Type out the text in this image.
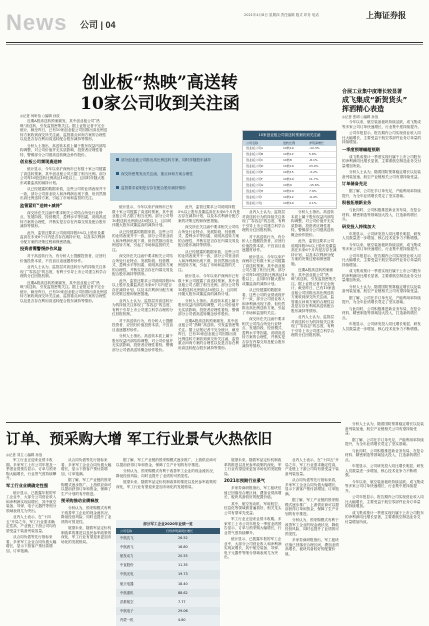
News 公司 | 04
2021年4月8日 星期四 责任编辑 版式 印务 电话	上海证券报
创业板“热映”高送转
10家公司收到关注函
◎记者 何昕怡 ○编辑 孙放

近期A股高送转预案频发，其中创业板公司“热映”高送转，引发监管密集关注。据上证报记者不完全统计，截至昨日，已有10家创业板公司因推出高比例送转方案收到深交所关注函，监管重点问询方案的合理性以及是否存在利用高送转配合股东减持等情形。

分析人士指出，高送转本质上属于股东权益内部结构调整，对公司价值并无实质影响，投资者应理性看待，警惕部分公司借高送转概念炒作股价。

创业板公司频现高送转

统计显示，今年以来沪深两市已有数十家公司披露了高送转预案，其中创业板公司占据了相当比例。部分公司每10股送转比例高达10股以上，且同时伴随大股东或董监高的减持计划。

从已经披露的数据来看，这些公司的业绩表现并不一致，部分公司营业收入和净利润出现下滑，但仍然推出高比例送转方案，引起了市场和监管的关注。

监管紧盯“送转+减持”

深交所在关注函中要求相关公司结合所处行业特点、发展阶段、经营模式、盈利水平等因素，说明高送转方案的合理性，并核实是否存在内幕交易及配合股东减持等情形。

此外，监管还要求公司说明持股5%以上股东及董监高在未来6个月内是否存在减持计划，以及本次利润分配方案的决策过程和保密措施。

投资者需警惕炒作风险

对于高送转行为，有分析人士提醒投资者，应回归价值投资本质，不宜盲目追逐题材炒作。

业内人士认为，监管层对高送转行为的持续关注体现了“零容忍”的态度，有利于引导上市公司建立科学合理的分红回报机制。

近期A股高送转预案频发，其中创业板公司“热映”高送转，引发监管密集关注。据上证报记者不完全统计，截至昨日，已有10家创业板公司因推出高比例送转方案收到深交所关注函，监管重点问询方案的合理性以及是否存在利用高送转配合股东减持等情形。

部分创业板公司推出高比例送转方案，同时伴随股东减持
深交所密集发出关注函，重点问询方案合理性
监管要求说明是否存在配合股东减持情形

统计显示，今年以来沪深两市已有数十家公司披露了高送转预案，其中创业板公司占据了相当比例。部分公司每10股送转比例高达10股以上，且同时伴随大股东或董监高的减持计划。

从已经披露的数据来看，这些公司的业绩表现并不一致，部分公司营业收入和净利润出现下滑，但仍然推出高比例送转方案，引起了市场和监管的关注。

深交所在关注函中要求相关公司结合所处行业特点、发展阶段、经营模式、盈利水平等因素，说明高送转方案的合理性，并核实是否存在内幕交易及配合股东减持等情形。

此外，监管还要求公司说明持股5%以上股东及董监高在未来6个月内是否存在减持计划，以及本次利润分配方案的决策过程和保密措施。

业内人士认为，监管层对高送转行为的持续关注体现了“零容忍”的态度，有利于引导上市公司建立科学合理的分红回报机制。

对于高送转行为，有分析人士提醒投资者，应回归价值投资本质，不宜盲目追逐题材炒作。

分析人士指出，高送转本质上属于股东权益内部结构调整，对公司价值并无实质影响，投资者应理性看待，警惕部分公司借高送转概念炒作股价。

此外，监管还要求公司说明持股5%以上股东及董监高在未来6个月内是否存在减持计划，以及本次利润分配方案的决策过程和保密措施。

深交所在关注函中要求相关公司结合所处行业特点、发展阶段、经营模式、盈利水平等因素，说明高送转方案的合理性，并核实是否存在内幕交易及配合股东减持等情形。

从已经披露的数据来看，这些公司的业绩表现并不一致，部分公司营业收入和净利润出现下滑，但仍然推出高比例送转方案，引起了市场和监管的关注。

统计显示，今年以来沪深两市已有数十家公司披露了高送转预案，其中创业板公司占据了相当比例。部分公司每10股送转比例高达10股以上，且同时伴随大股东或董监高的减持计划。

分析人士指出，高送转本质上属于股东权益内部结构调整，对公司价值并无实质影响，投资者应理性看待，警惕部分公司借高送转概念炒作股价。

近期A股高送转预案频发，其中创业板公司“热映”高送转，引发监管密集关注。据上证报记者不完全统计，截至昨日，已有10家创业板公司因推出高比例送转方案收到深交所关注函，监管重点问询方案的合理性以及是否存在利用高送转配合股东减持等情形。

10家创业板公司高送转预案收到关注函
公司名称	送转比例	净利润增长
创业板公司A	10转10	-12.3%
创业板公司B	10转12	5.6%
创业板公司C	10转8	-8.1%
创业板公司D	10转10	23.4%
创业板公司E	10转15	-3.2%
创业板公司F	10转10	11.7%
创业板公司G	10转9	-15.6%
创业板公司H	10转10	7.9%
创业板公司I	10转12	-6.4%
创业板公司J	10转10	2.1%

业内人士认为，监管层对高送转行为的持续关注体现了“零容忍”的态度，有利于引导上市公司建立科学合理的分红回报机制。

对于高送转行为，有分析人士提醒投资者，应回归价值投资本质，不宜盲目追逐题材炒作。

统计显示，今年以来沪深两市已有数十家公司披露了高送转预案，其中创业板公司占据了相当比例。部分公司每10股送转比例高达10股以上，且同时伴随大股东或董监高的减持计划。

从已经披露的数据来看，这些公司的业绩表现并不一致，部分公司营业收入和净利润出现下滑，但仍然推出高比例送转方案，引起了市场和监管的关注。

深交所在关注函中要求相关公司结合所处行业特点、发展阶段、经营模式、盈利水平等因素，说明高送转方案的合理性，并核实是否存在内幕交易及配合股东减持等情形。

分析人士指出，高送转本质上属于股东权益内部结构调整，对公司价值并无实质影响，投资者应理性看待，警惕部分公司借高送转概念炒作股价。

此外，监管还要求公司说明持股5%以上股东及董监高在未来6个月内是否存在减持计划，以及本次利润分配方案的决策过程和保密措施。

近期A股高送转预案频发，其中创业板公司“热映”高送转，引发监管密集关注。据上证报记者不完全统计，截至昨日，已有10家创业板公司因推出高比例送转方案收到深交所关注函，监管重点问询方案的合理性以及是否存在利用高送转配合股东减持等情形。

业内人士认为，监管层对高送转行为的持续关注体现了“零容忍”的态度，有利于引导上市公司建立科学合理的分红回报机制。

合展工业集中度增长较显著
成飞集成“新贺货头”
挥洒精心表造
◎记者 张明 ○编辑 孙放

今年以来，航空装备板块持续活跃，成飞集成等多家公司订单快速增长，行业集中度持续提升。

公司年报显示，报告期内公司实现营业收入同比大幅增长，主要受益于航空零部件业务订单量的持续增加。

一季度预增幅超预期

成飞集成预计一季度实现归属于上市公司股东的净利润同比增长显著，主要系航空制造业务交付量增加所致。

分析人士认为，随着国防预算稳定增长以及装备列装加速，航空产业链相关公司有望持续受益。

订单储备充足

据了解，公司在手订单充足，产能利用率持续提升，为全年业绩增长奠定了坚实基础。

积极拓展新业务

与此同时，公司积极推进新业务布局，在复合材料、精密制造等领域加大投入，打造新的增长点。

研发投入持续加大

年报显示，公司研发投入同比增长明显，研发人员数量进一步增加，核心技术竞争力不断增强。

今年以来，航空装备板块持续活跃，成飞集成等多家公司订单快速增长，行业集中度持续提升。

公司年报显示，报告期内公司实现营业收入同比大幅增长，主要受益于航空零部件业务订单量的持续增加。

成飞集成预计一季度实现归属于上市公司股东的净利润同比增长显著，主要系航空制造业务交付量增加所致。

分析人士认为，随着国防预算稳定增长以及装备列装加速，航空产业链相关公司有望持续受益。

据了解，公司在手订单充足，产能利用率持续提升，为全年业绩增长奠定了坚实基础。

与此同时，公司积极推进新业务布局，在复合材料、精密制造等领域加大投入，打造新的增长点。

年报显示，公司研发投入同比增长明显，研发人员数量进一步增加，核心技术竞争力不断增强。

订单、预采购大增 军工行业景气火热依旧
◎记者 刘立 ○编辑 孙放

军工行业正迎来业绩丰收期。多家军工上市公司年报及一季度业绩预告显示，订单与预采购大幅增长，行业景气度持续攀升。

军工行业业绩确定性强

统计显示，已披露年报的军工企业中，大部分公司营业收入和净利润实现双增长，其中航空装备、导弹、电子元器件等细分领域表现尤为突出。

业内人士表示，在“十四五”开局之年，军工行业需求确定性高，产业链上下游公司均有望受益于装备列装放量。

从合同负债等先行指标来看，多家军工企业合同负债大幅增长，显示下游客户预付款增加，订单饱满。

从合同负债等先行指标来看，多家军工企业合同负债大幅增长，显示下游客户预付款增加，订单饱满。

据了解，军工产业链的预采购模式逐步推广，上游供应商可以提前获得订单和资金，保障了生产计划的有序推进。

预采购推动业绩释放

分析认为，预采购模式有利于改善军工企业的现金流状况，降低经营风险，同时也提升了业绩的可预见性。

展望未来，随着军品定价机制改革的推进以及民参军政策的深化，军工行业有望迎来更加市场化的发展格局。

据了解，军工产业链的预采购模式逐步推广，上游供应商可以提前获得订单和资金，保障了生产计划的有序推进。

分析认为，预采购模式有利于改善军工企业的现金流状况，降低经营风险，同时也提升了业绩的可预见性。

展望未来，随着军品定价机制改革的推进以及民参军政策的深化，军工行业有望迎来更加市场化的发展格局。

部分军工企业2020年业绩一览
公司名称	归母净利润同比增长
中航沈飞	26.52
中航西飞	16.80
航发动力	20.55
中直股份	11.35
中航光电	19.73
航天电器	18.40
中航重机	88.62
洪都航空	7.77
中航电子	29.06
内蒙一机	4.80

展望未来，随着军品定价机制改革的推进以及民参军政策的深化，军工行业有望迎来更加市场化的发展格局。

2021年预期行业景气

多家券商研报指出，军工板块估值已回落至合理区间，叠加业绩高增长，板块具备较好的配置价值。

其中，航空发动机、军用航空、信息化等领域被普遍看好，相关龙头公司有望率先受益。

军工行业正迎来业绩丰收期。多家军工上市公司年报及一季度业绩预告显示，订单与预采购大幅增长，行业景气度持续攀升。

统计显示，已披露年报的军工企业中，大部分公司营业收入和净利润实现双增长，其中航空装备、导弹、电子元器件等细分领域表现尤为突出。

业内人士表示，在“十四五”开局之年，军工行业需求确定性高，产业链上下游公司均有望受益于装备列装放量。

从合同负债等先行指标来看，多家军工企业合同负债大幅增长，显示下游客户预付款增加，订单饱满。

据了解，军工产业链的预采购模式逐步推广，上游供应商可以提前获得订单和资金，保障了生产计划的有序推进。

分析认为，预采购模式有利于改善军工企业的现金流状况，降低经营风险，同时也提升了业绩的可预见性。

多家券商研报指出，军工板块估值已回落至合理区间，叠加业绩高增长，板块具备较好的配置价值。

分析人士认为，随着国防预算稳定增长以及装备列装加速，航空产业链相关公司有望持续受益。

据了解，公司在手订单充足，产能利用率持续提升，为全年业绩增长奠定了坚实基础。

与此同时，公司积极推进新业务布局，在复合材料、精密制造等领域加大投入，打造新的增长点。

年报显示，公司研发投入同比增长明显，研发人员数量进一步增加，核心技术竞争力不断增强。

今年以来，航空装备板块持续活跃，成飞集成等多家公司订单快速增长，行业集中度持续提升。

公司年报显示，报告期内公司实现营业收入同比大幅增长，主要受益于航空零部件业务订单量的持续增加。

成飞集成预计一季度实现归属于上市公司股东的净利润同比增长显著，主要系航空制造业务交付量增加所致。
